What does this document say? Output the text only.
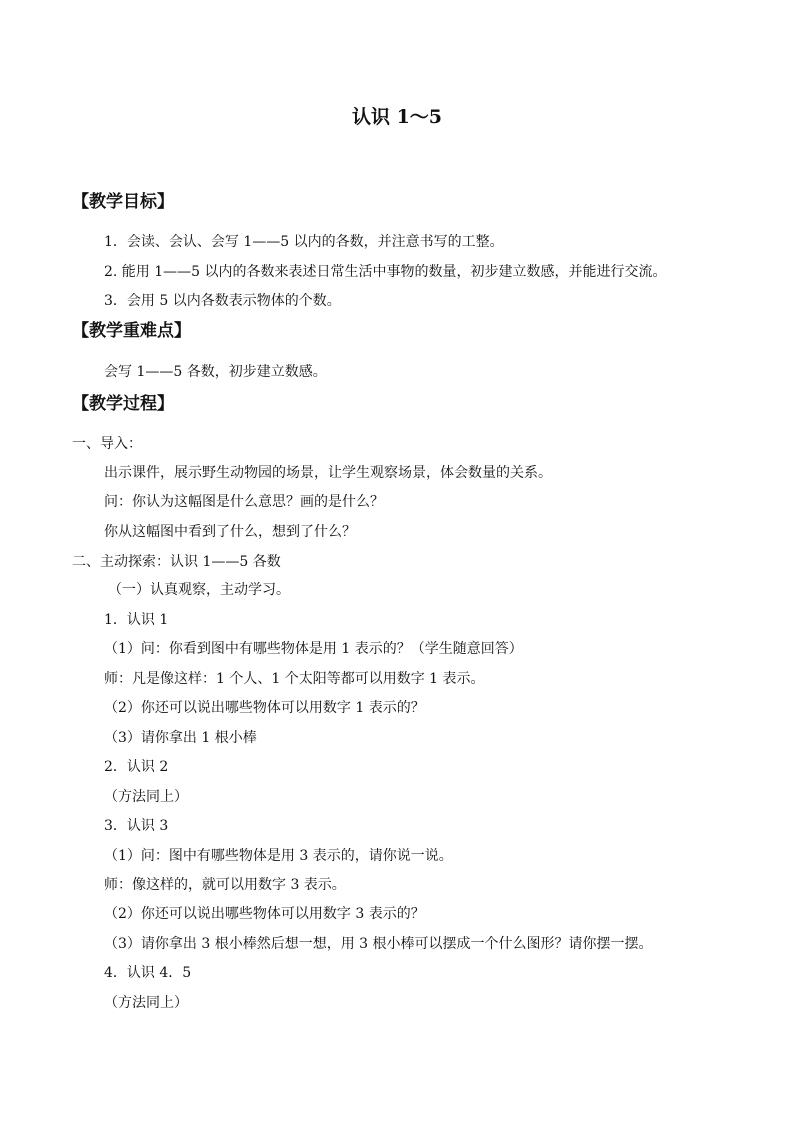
认识 1～5
【教学目标】
1．会读、会认、会写 1——5 以内的各数，并注意书写的工整。
2. 能用 1——5 以内的各数来表述日常生活中事物的数量，初步建立数感，并能进行交流。
3．会用 5 以内各数表示物体的个数。
【教学重难点】
会写 1——5 各数，初步建立数感。
【教学过程】
一、导入：
出示课件，展示野生动物园的场景，让学生观察场景，体会数量的关系。
问：你认为这幅图是什么意思？画的是什么？
你从这幅图中看到了什么，想到了什么？
二、主动探索：认识 1——5 各数
（一）认真观察，主动学习。
1．认识 1
（1）问：你看到图中有哪些物体是用 1 表示的？（学生随意回答）
师：凡是像这样：1 个人、1 个太阳等都可以用数字 1 表示。
（2）你还可以说出哪些物体可以用数字 1 表示的？
（3）请你拿出 1 根小棒
2．认识 2
（方法同上）
3．认识 3
（1）问：图中有哪些物体是用 3 表示的，请你说一说。
师：像这样的，就可以用数字 3 表示。
（2）你还可以说出哪些物体可以用数字 3 表示的？
（3）请你拿出 3 根小棒然后想一想，用 3 根小棒可以摆成一个什么图形？请你摆一摆。
4．认识 4．5
（方法同上）
